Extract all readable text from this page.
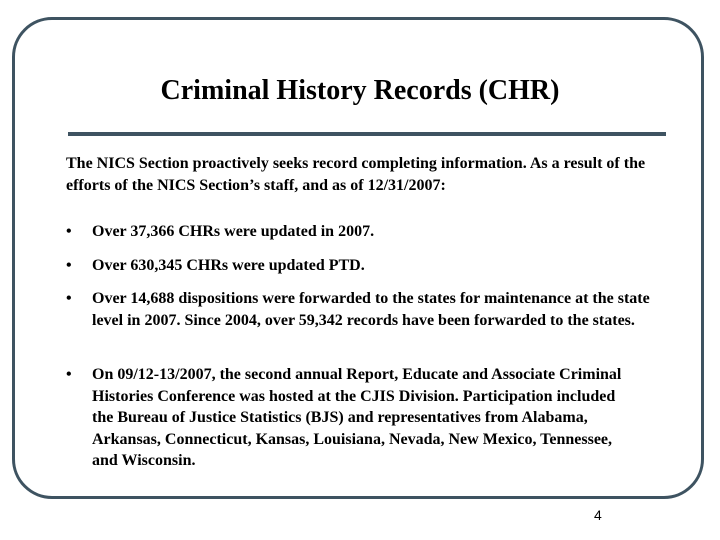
Criminal History Records (CHR)
The NICS Section proactively seeks record completing information. As a result of the efforts of the NICS Section’s staff, and as of 12/31/2007:
•	Over 37,366 CHRs were updated in 2007.
•	Over 630,345 CHRs were updated PTD.
•	Over 14,688 dispositions were forwarded to the states for maintenance at the state level in 2007. Since 2004, over 59,342 records have been forwarded to the states.
•	On 09/12-13/2007, the second annual Report, Educate and Associate Criminal Histories Conference was hosted at the CJIS Division. Participation included the Bureau of Justice Statistics (BJS) and representatives from Alabama, Arkansas, Connecticut, Kansas, Louisiana, Nevada, New Mexico, Tennessee, and Wisconsin.
4
